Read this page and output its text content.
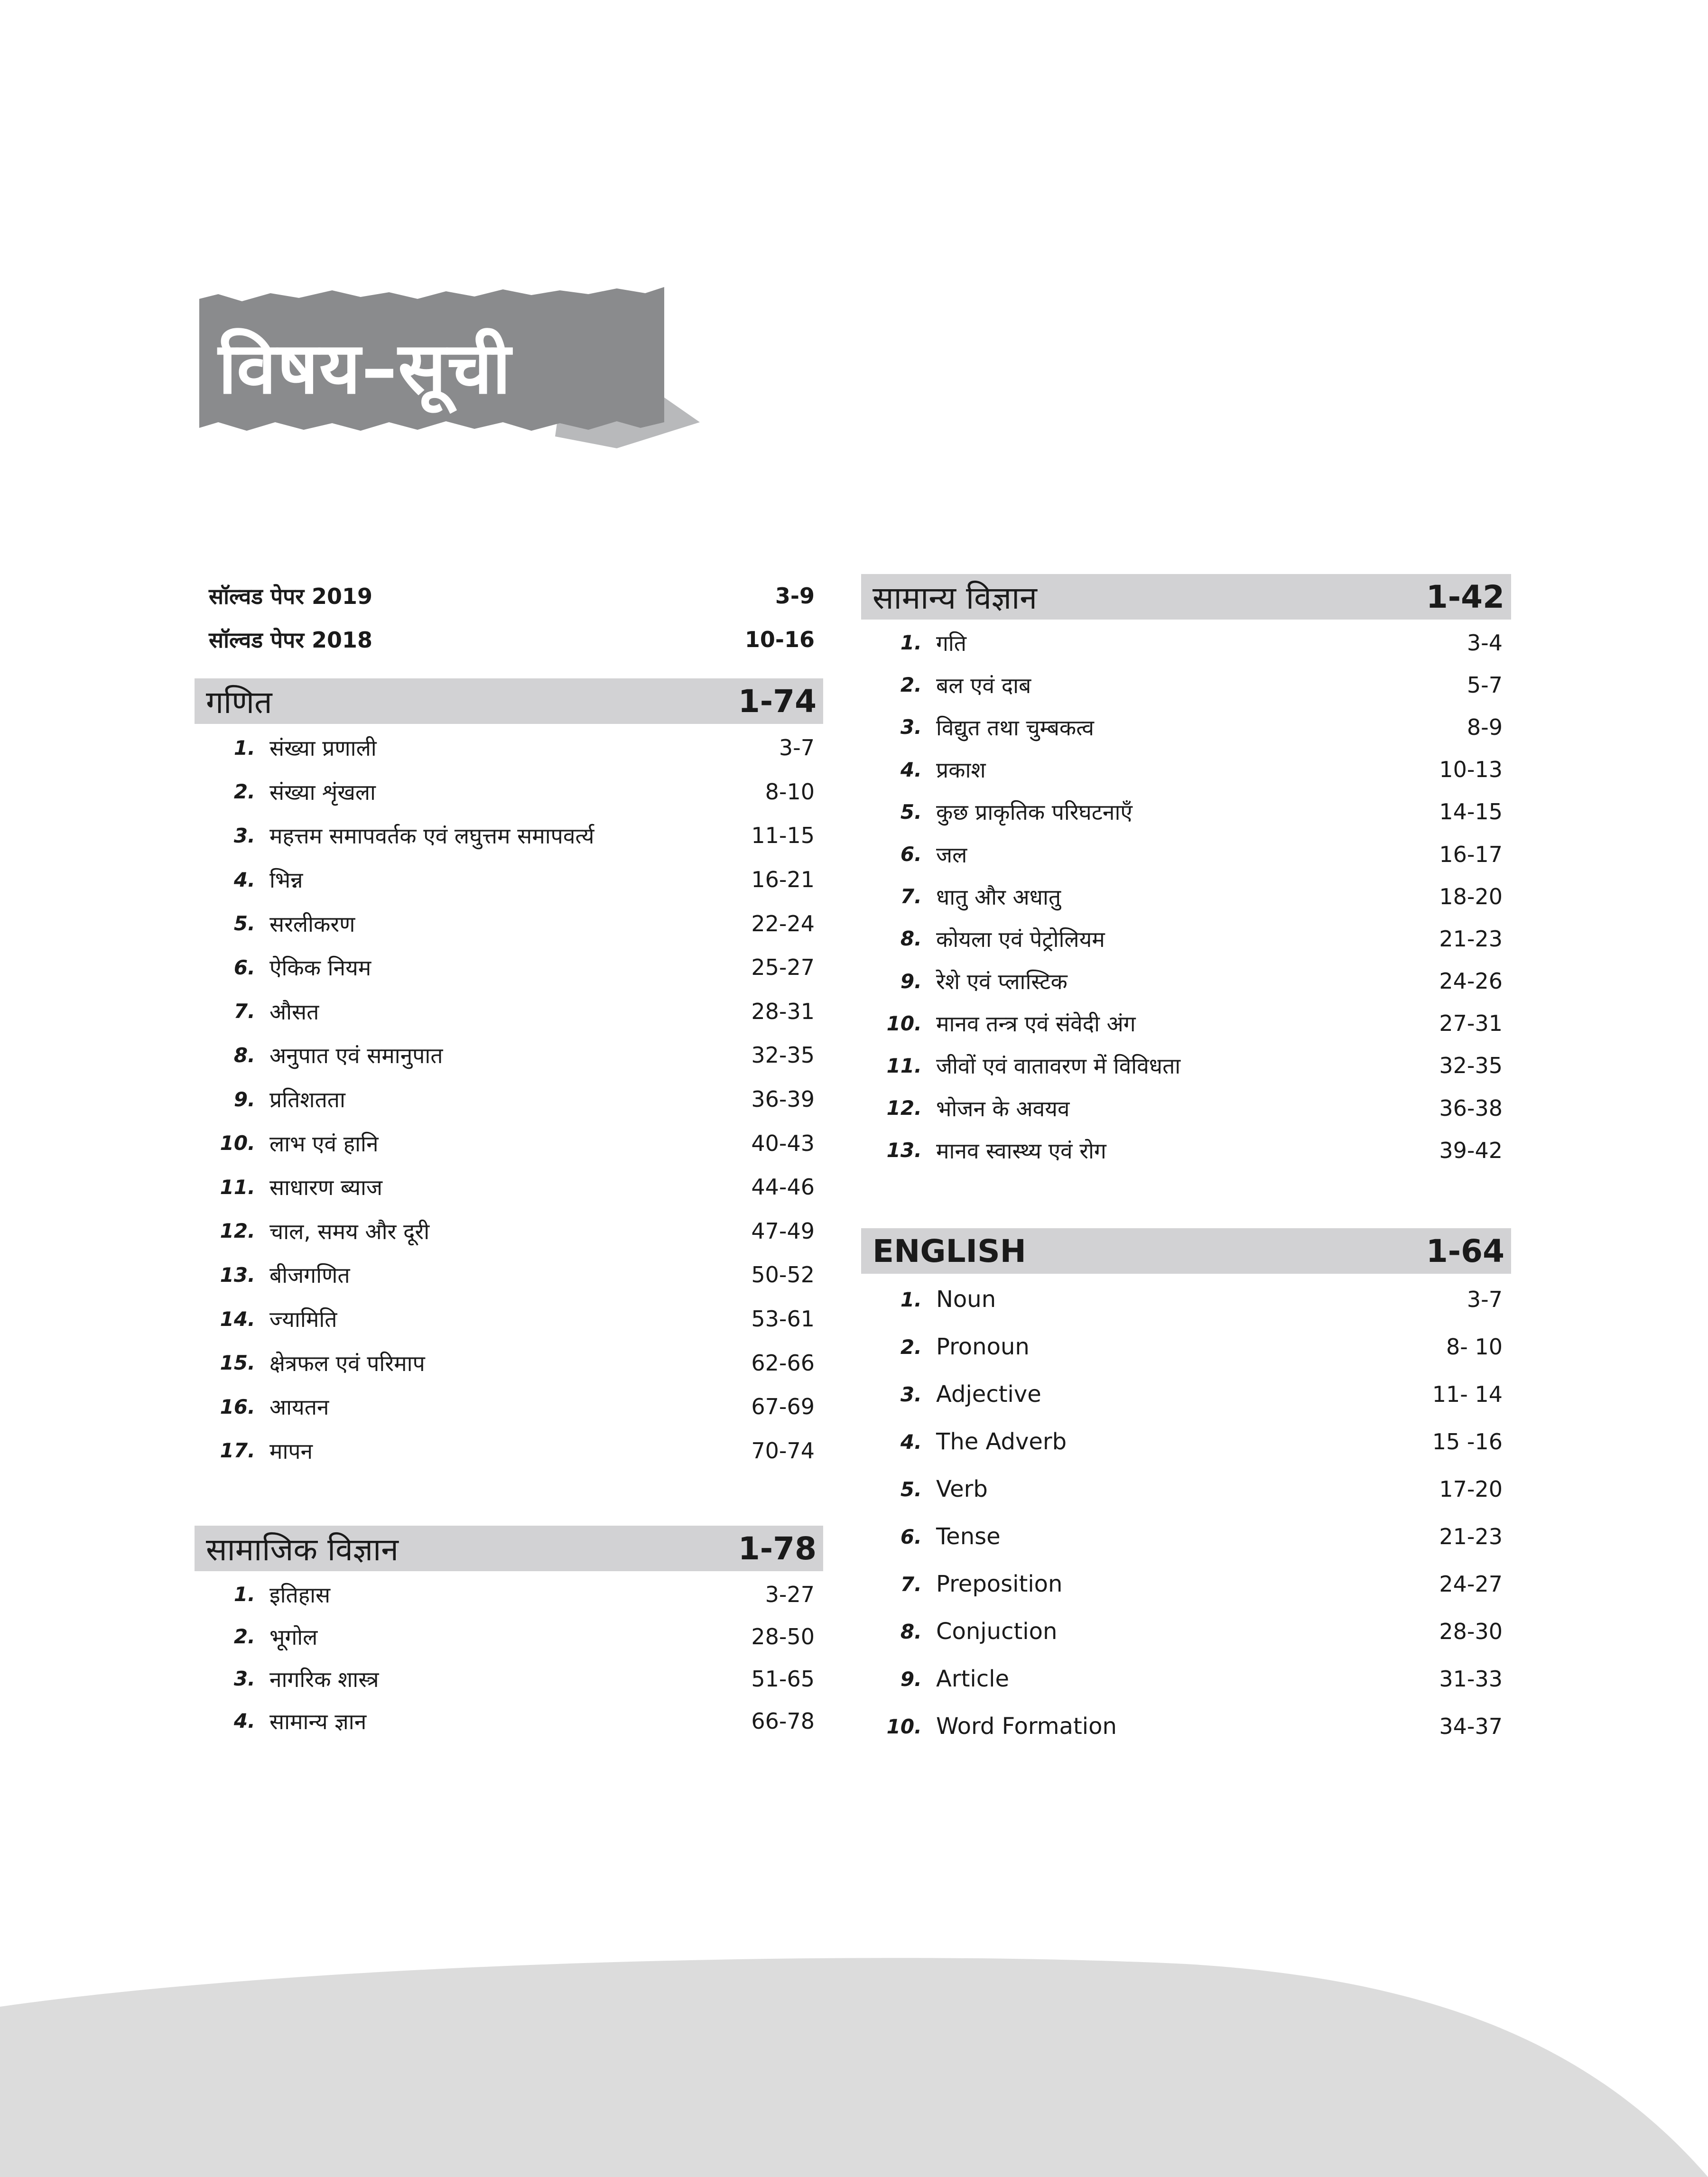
विषय–सूची
सॉल्वड पेपर 2019	3-9
सॉल्वड पेपर 2018	10-16
गणित	1-74
1. संख्या प्रणाली	3-7
2. संख्या शृंखला	8-10
3. महत्तम समापवर्तक एवं लघुत्तम समापवर्त्य	11-15
4. भिन्न	16-21
5. सरलीकरण	22-24
6. ऐकिक नियम	25-27
7. औसत	28-31
8. अनुपात एवं समानुपात	32-35
9. प्रतिशतता	36-39
10. लाभ एवं हानि	40-43
11. साधारण ब्याज	44-46
12. चाल, समय और दूरी	47-49
13. बीजगणित	50-52
14. ज्यामिति	53-61
15. क्षेत्रफल एवं परिमाप	62-66
16. आयतन	67-69
17. मापन	70-74
सामाजिक विज्ञान	1-78
1. इतिहास	3-27
2. भूगोल	28-50
3. नागरिक शास्त्र	51-65
4. सामान्य ज्ञान	66-78
सामान्य विज्ञान	1-42
1. गति	3-4
2. बल एवं दाब	5-7
3. विद्युत तथा चुम्बकत्व	8-9
4. प्रकाश	10-13
5. कुछ प्राकृतिक परिघटनाएँ	14-15
6. जल	16-17
7. धातु और अधातु	18-20
8. कोयला एवं पेट्रोलियम	21-23
9. रेशे एवं प्लास्टिक	24-26
10. मानव तन्त्र एवं संवेदी अंग	27-31
11. जीवों एवं वातावरण में विविधता	32-35
12. भोजन के अवयव	36-38
13. मानव स्वास्थ्य एवं रोग	39-42
ENGLISH	1-64
1. Noun	3-7
2. Pronoun	8- 10
3. Adjective	11- 14
4. The Adverb	15 -16
5. Verb	17-20
6. Tense	21-23
7. Preposition	24-27
8. Conjuction	28-30
9. Article	31-33
10. Word Formation	34-37
